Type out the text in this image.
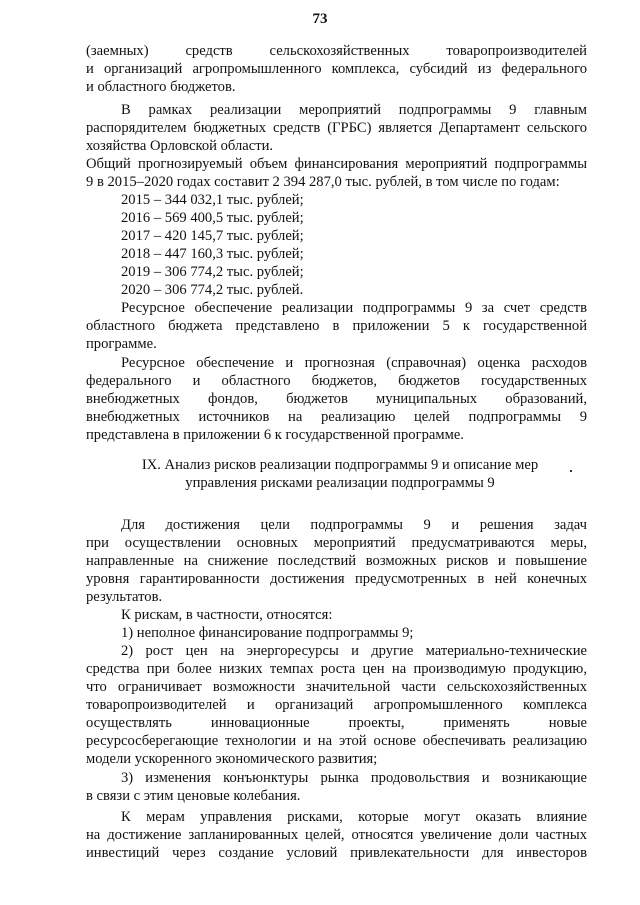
73
(заемных) средств сельскохозяйственных товаропроизводителей
и организаций агропромышленного комплекса, субсидий из федерального
и областного бюджетов.
В рамках реализации мероприятий подпрограммы 9 главным
распорядителем бюджетных средств (ГРБС) является Департамент сельского
хозяйства Орловской области.
Общий прогнозируемый объем финансирования мероприятий подпрограммы
9 в 2015–2020 годах составит 2 394 287,0 тыс. рублей, в том числе по годам:
2015 – 344 032,1 тыс. рублей;
2016 – 569 400,5 тыс. рублей;
2017 – 420 145,7 тыс. рублей;
2018 – 447 160,3 тыс. рублей;
2019 – 306 774,2 тыс. рублей;
2020 – 306 774,2 тыс. рублей.
Ресурсное обеспечение реализации подпрограммы 9 за счет средств
областного бюджета представлено в приложении 5 к государственной
программе.
Ресурсное обеспечение и прогнозная (справочная) оценка расходов
федерального и областного бюджетов, бюджетов государственных
внебюджетных фондов, бюджетов муниципальных образований,
внебюджетных источников на реализацию целей подпрограммы 9
представлена в приложении 6 к государственной программе.
IX. Анализ рисков реализации подпрограммы 9 и описание мер
управления рисками реализации подпрограммы 9
Для достижения цели подпрограммы 9 и решения задач
при осуществлении основных мероприятий предусматриваются меры,
направленные на снижение последствий возможных рисков и повышение
уровня гарантированности достижения предусмотренных в ней конечных
результатов.
К рискам, в частности, относятся:
1) неполное финансирование подпрограммы 9;
2) рост цен на энергоресурсы и другие материально-технические
средства при более низких темпах роста цен на производимую продукцию,
что ограничивает возможности значительной части сельскохозяйственных
товаропроизводителей и организаций агропромышленного комплекса
осуществлять инновационные проекты, применять новые
ресурсосберегающие технологии и на этой основе обеспечивать реализацию
модели ускоренного экономического развития;
3) изменения конъюнктуры рынка продовольствия и возникающие
в связи с этим ценовые колебания.
К мерам управления рисками, которые могут оказать влияние
на достижение запланированных целей, относятся увеличение доли частных
инвестиций через создание условий привлекательности для инвесторов
